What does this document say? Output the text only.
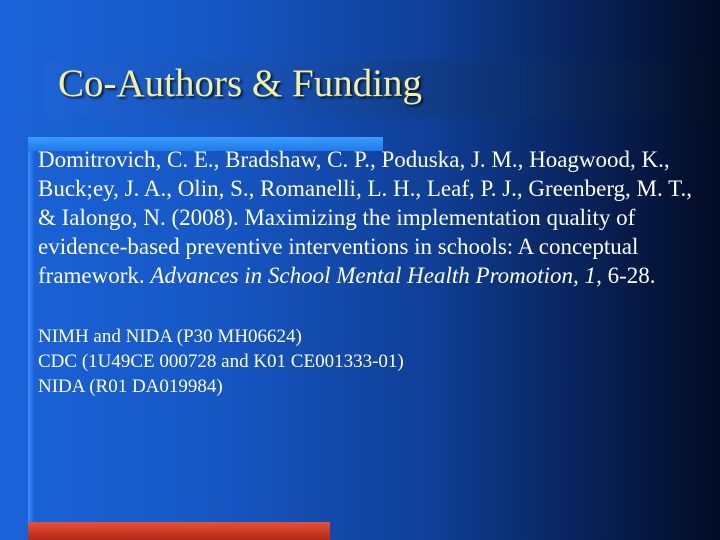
Co-Authors & Funding

Domitrovich, C. E., Bradshaw, C. P., Poduska, J. M., Hoagwood, K., Buck;ey, J. A., Olin, S., Romanelli, L. H., Leaf, P. J., Greenberg, M. T., & Ialongo, N. (2008). Maximizing the implementation quality of evidence-based preventive interventions in schools: A conceptual framework. Advances in School Mental Health Promotion, 1, 6-28.

NIMH and NIDA (P30 MH06624)
CDC (1U49CE 000728 and K01 CE001333-01)
NIDA (R01 DA019984)
